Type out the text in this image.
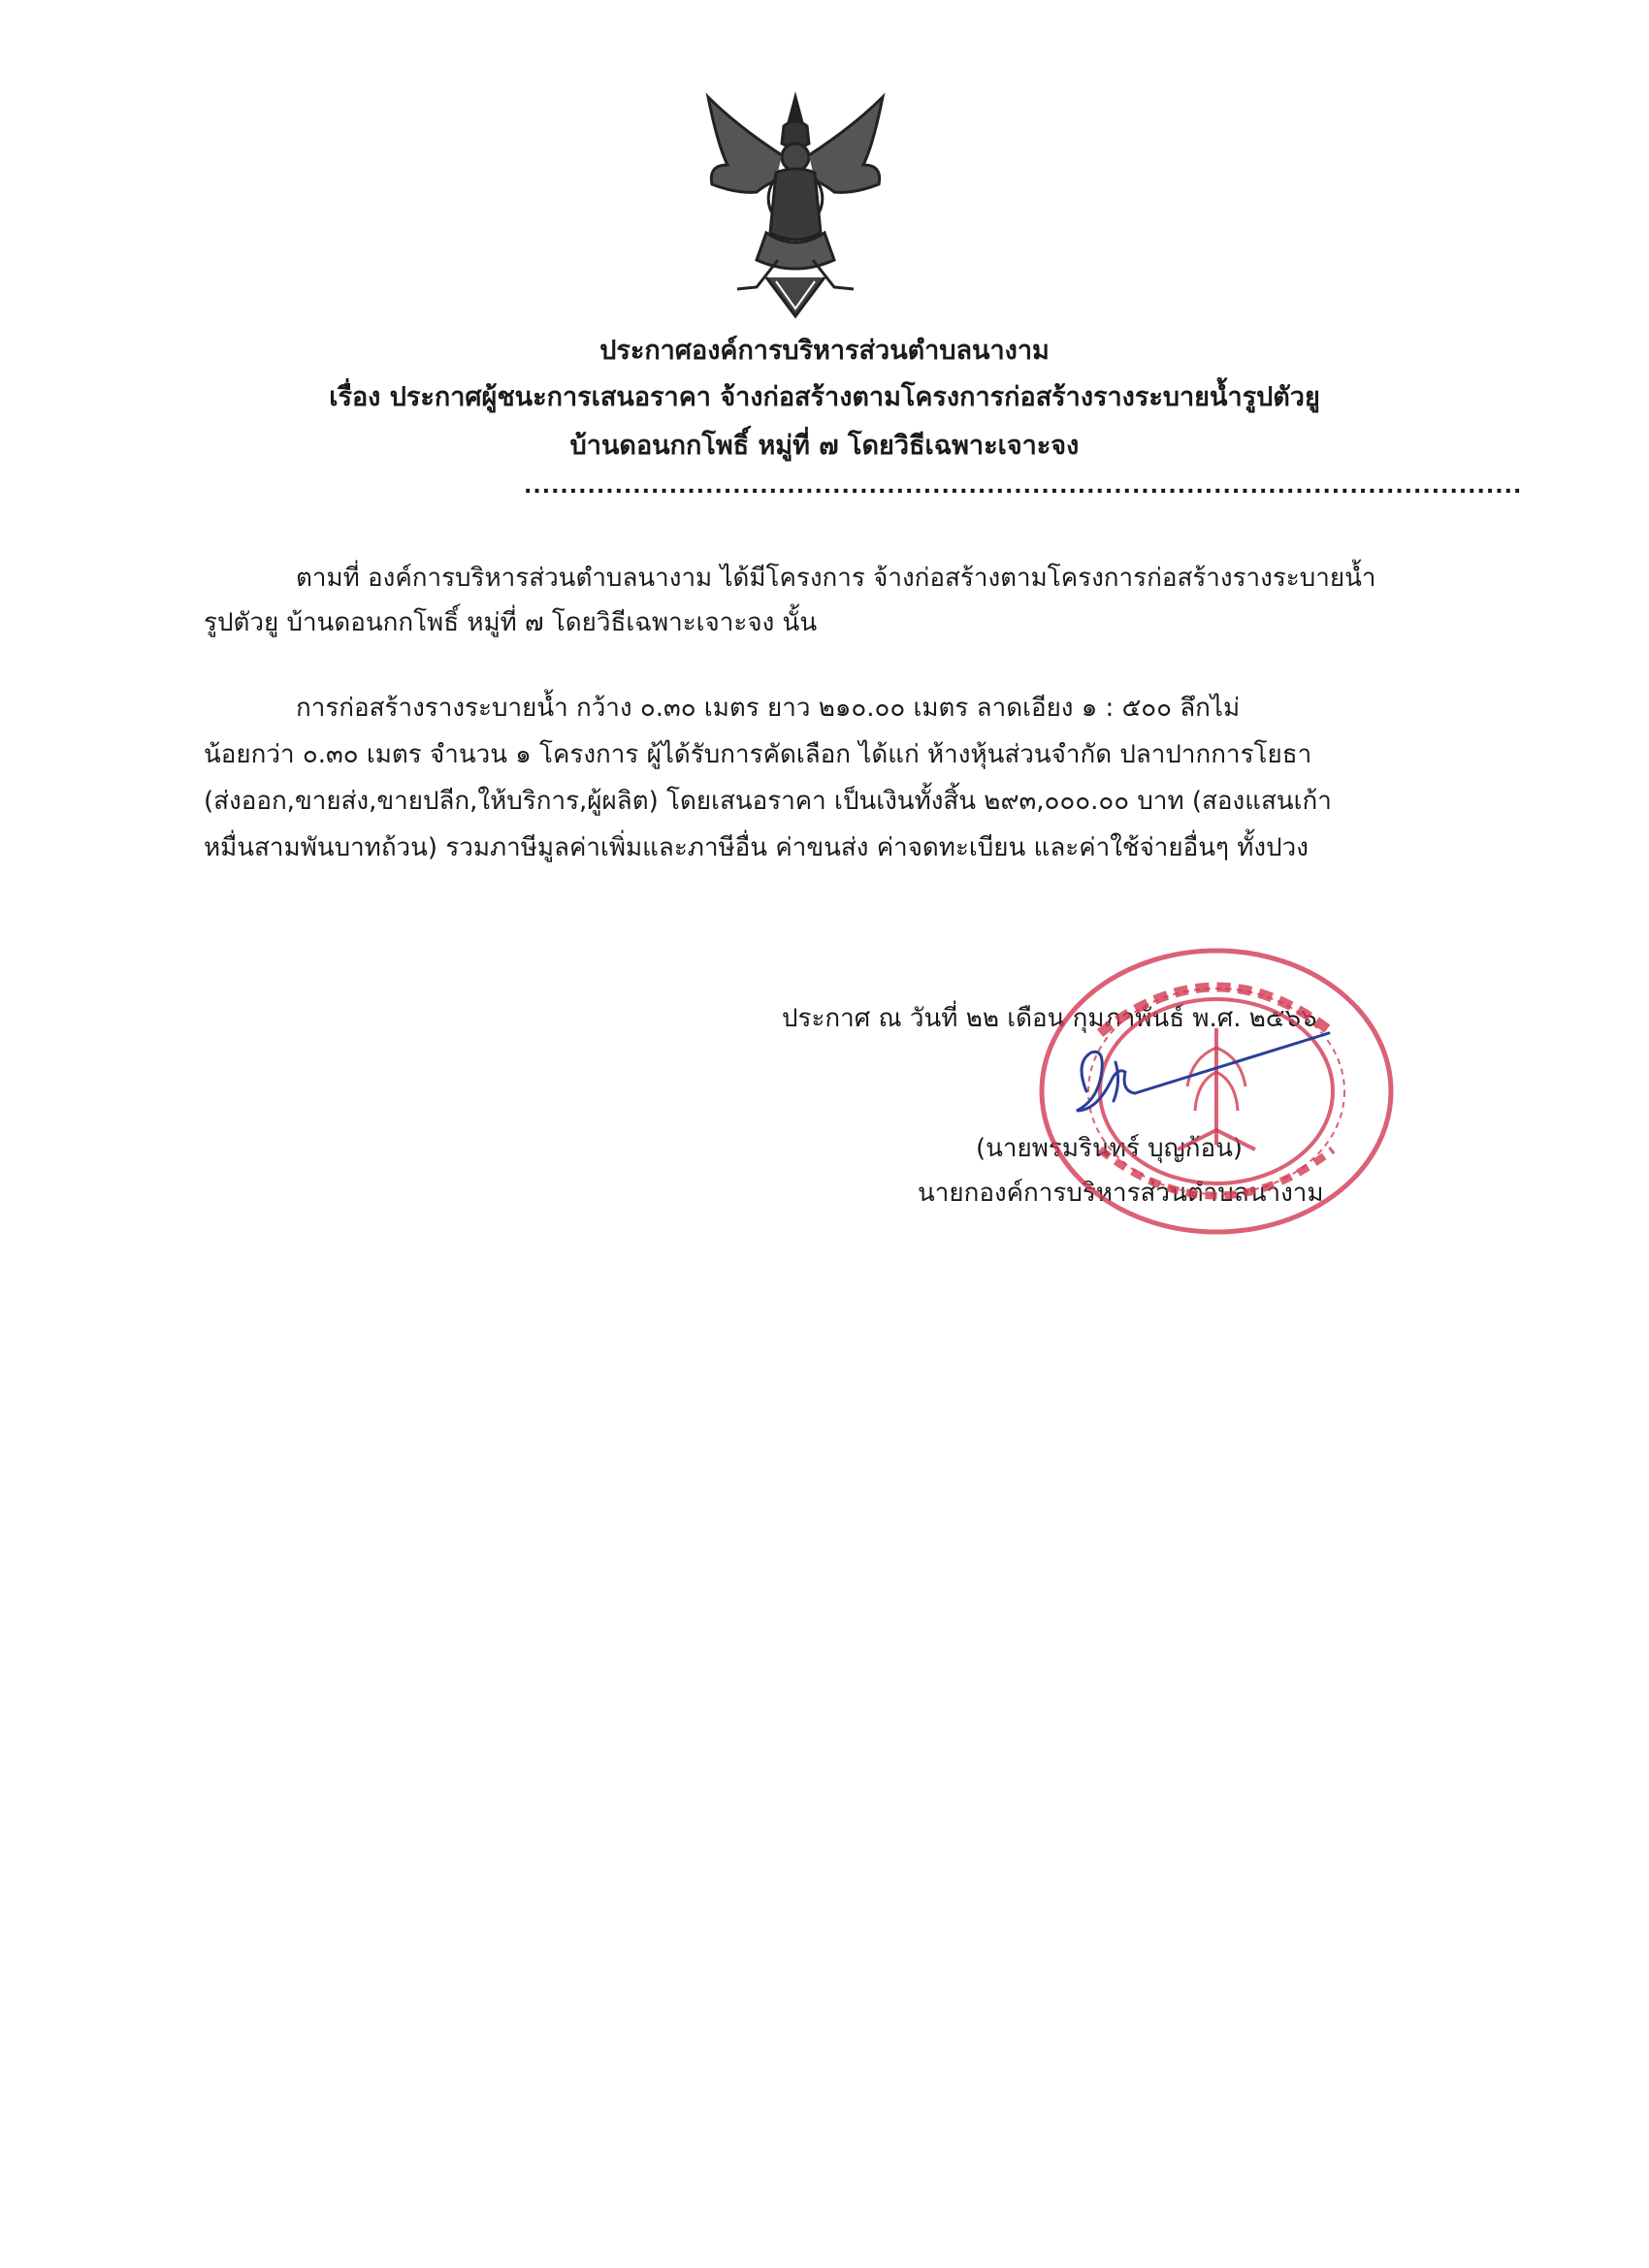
ประกาศองค์การบริหารส่วนตำบลนางาม
เรื่อง ประกาศผู้ชนะการเสนอราคา จ้างก่อสร้างตามโครงการก่อสร้างรางระบายน้ำรูปตัวยู
บ้านดอนกกโพธิ์ หมู่ที่ ๗ โดยวิธีเฉพาะเจาะจง
..............................................................................................................
ตามที่ องค์การบริหารส่วนตำบลนางาม ได้มีโครงการ จ้างก่อสร้างตามโครงการก่อสร้างรางระบายน้ำ
รูปตัวยู บ้านดอนกกโพธิ์ หมู่ที่ ๗ โดยวิธีเฉพาะเจาะจง นั้น
การก่อสร้างรางระบายน้ำ กว้าง ๐.๓๐ เมตร ยาว ๒๑๐.๐๐ เมตร ลาดเอียง ๑ : ๕๐๐ ลึกไม่
น้อยกว่า ๐.๓๐ เมตร จำนวน ๑ โครงการ ผู้ได้รับการคัดเลือก ได้แก่ ห้างหุ้นส่วนจำกัด ปลาปากการโยธา
(ส่งออก,ขายส่ง,ขายปลีก,ให้บริการ,ผู้ผลิต) โดยเสนอราคา เป็นเงินทั้งสิ้น ๒๙๓,๐๐๐.๐๐ บาท (สองแสนเก้า
หมื่นสามพันบาทถ้วน) รวมภาษีมูลค่าเพิ่มและภาษีอื่น ค่าขนส่ง ค่าจดทะเบียน และค่าใช้จ่ายอื่นๆ ทั้งปวง
ประกาศ ณ วันที่ ๒๒ เดือน กุมภาพันธ์ พ.ศ. ๒๕๖๖
(นายพรมรินทร์ บุญก้อน)
นายกองค์การบริหารส่วนตำบลนางาม
